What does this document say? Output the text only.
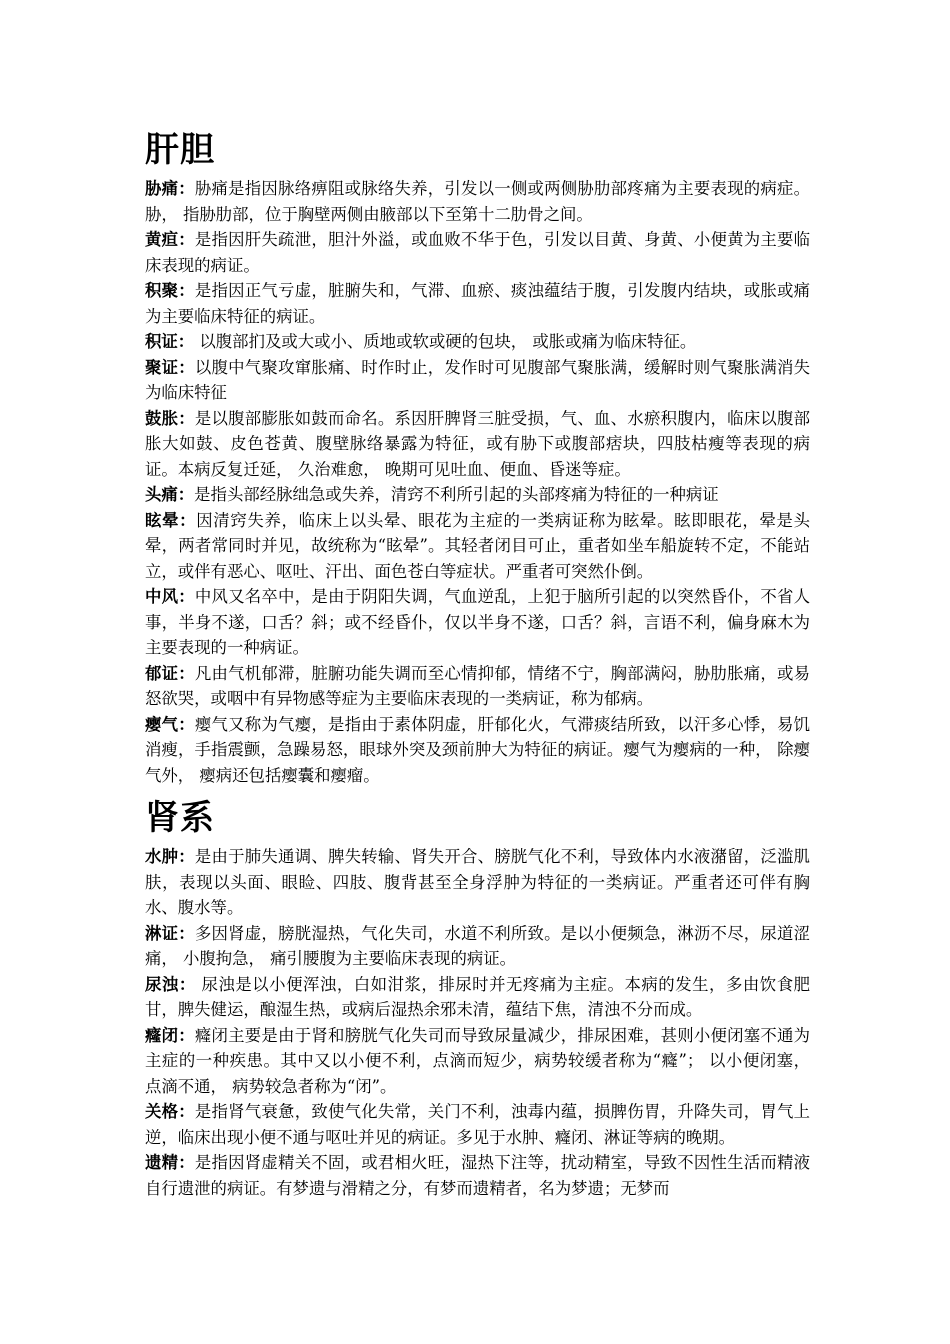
肝胆

胁痛：胁痛是指因脉络痹阻或脉络失养，引发以一侧或两侧胁肋部疼痛为主要表现的病症。胁， 指胁肋部，位于胸壁两侧由腋部以下至第十二肋骨之间。

黄疸：是指因肝失疏泄，胆汁外溢，或血败不华于色，引发以目黄、身黄、小便黄为主要临床表现的病证。

积聚：是指因正气亏虚，脏腑失和，气滞、血瘀、痰浊蕴结于腹，引发腹内结块，或胀或痛为主要临床特征的病证。

积证： 以腹部扪及或大或小、质地或软或硬的包块， 或胀或痛为临床特征。

聚证：以腹中气聚攻窜胀痛、时作时止，发作时可见腹部气聚胀满，缓解时则气聚胀满消失为临床特征

鼓胀：是以腹部膨胀如鼓而命名。系因肝脾肾三脏受损，气、血、水瘀积腹内，临床以腹部胀大如鼓、皮色苍黄、腹壁脉络暴露为特征，或有胁下或腹部痞块，四肢枯瘦等表现的病证。本病反复迁延， 久治难愈， 晚期可见吐血、便血、昏迷等症。

头痛：是指头部经脉绌急或失养，清窍不利所引起的头部疼痛为特征的一种病证

眩晕：因清窍失养，临床上以头晕、眼花为主症的一类病证称为眩晕。眩即眼花，晕是头晕，两者常同时并见，故统称为“眩晕”。其轻者闭目可止，重者如坐车船旋转不定，不能站立，或伴有恶心、呕吐、汗出、面色苍白等症状。严重者可突然仆倒。

中风：中风又名卒中，是由于阴阳失调，气血逆乱，上犯于脑所引起的以突然昏仆，不省人事，半身不遂，口舌？斜；或不经昏仆，仅以半身不遂，口舌？斜，言语不利，偏身麻木为主要表现的一种病证。

郁证：凡由气机郁滞，脏腑功能失调而至心情抑郁，情绪不宁，胸部满闷，胁肋胀痛，或易怒欲哭，或咽中有异物感等症为主要临床表现的一类病证，称为郁病。

瘿气：瘿气又称为气瘿，是指由于素体阴虚，肝郁化火，气滞痰结所致，以汗多心悸，易饥消瘦，手指震颤，急躁易怒，眼球外突及颈前肿大为特征的病证。瘿气为瘿病的一种， 除瘿气外， 瘿病还包括瘿囊和瘿瘤。

肾系

水肿：是由于肺失通调、脾失转输、肾失开合、膀胱气化不利，导致体内水液潴留，泛滥肌肤，表现以头面、眼睑、四肢、腹背甚至全身浮肿为特征的一类病证。严重者还可伴有胸水、腹水等。

淋证：多因肾虚，膀胱湿热，气化失司，水道不利所致。是以小便频急，淋沥不尽，尿道涩痛， 小腹拘急， 痛引腰腹为主要临床表现的病证。

尿浊： 尿浊是以小便浑浊，白如泔浆，排尿时并无疼痛为主症。本病的发生，多由饮食肥甘，脾失健运，酿湿生热，或病后湿热余邪未清，蕴结下焦，清浊不分而成。

癃闭：癃闭主要是由于肾和膀胱气化失司而导致尿量减少，排尿困难，甚则小便闭塞不通为主症的一种疾患。其中又以小便不利，点滴而短少，病势较缓者称为“癃”； 以小便闭塞， 点滴不通， 病势较急者称为“闭”。

关格：是指肾气衰惫，致使气化失常，关门不利，浊毒内蕴，损脾伤胃，升降失司，胃气上逆，临床出现小便不通与呕吐并见的病证。多见于水肿、癃闭、淋证等病的晚期。

遗精：是指因肾虚精关不固，或君相火旺，湿热下注等，扰动精室，导致不因性生活而精液自行遗泄的病证。有梦遗与滑精之分，有梦而遗精者，名为梦遗；无梦而
